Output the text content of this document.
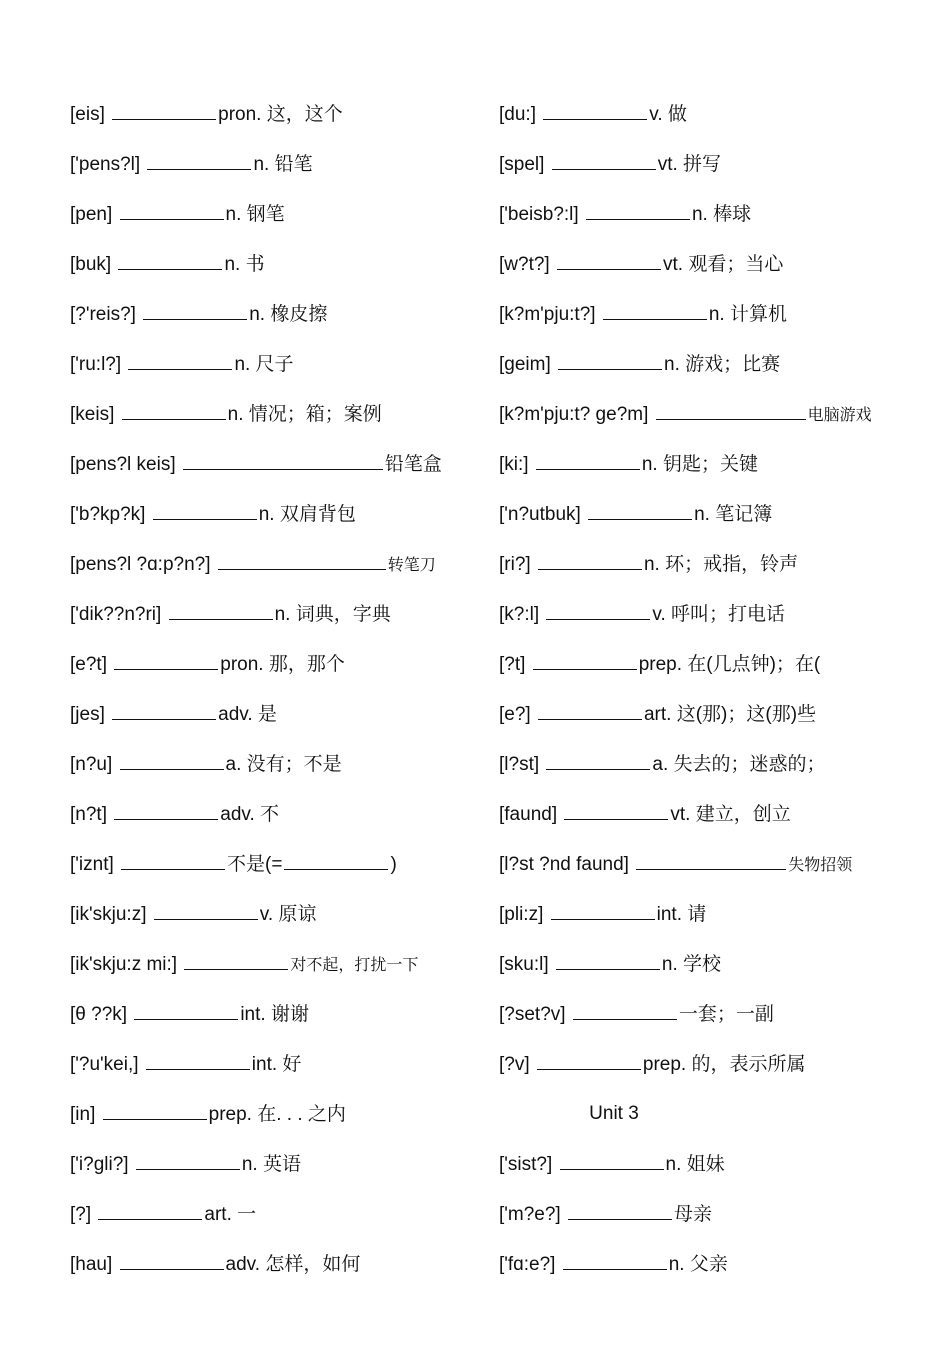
[eis]	pron. 这，这个
['pens?l]	n. 铅笔
[pen]	n. 钢笔
[buk]	n. 书
[?'reis?]	n. 橡皮擦
['ru:l?]	n. 尺子
[keis]	n. 情况；箱；案例
[pens?l keis]	铅笔盒
['b?kp?k]	n. 双肩背包
[pens?l ?ɑ:p?n?]	转笔刀
['dik??n?ri]	n. 词典，字典
[e?t]	pron. 那，那个
[jes]	adv. 是
[n?u]	a. 没有；不是
[n?t]	adv. 不
['iznt]	不是(=	)
[ik'skju:z]	v. 原谅
[ik'skju:z mi:]	对不起，打扰一下
[θ ??k]	int. 谢谢
['?u'kei,]	int. 好
[in]	prep. 在. . . 之内
['i?gli?]	n. 英语
[?]	art. 一
[hau]	adv. 怎样，如何
[du:]	v. 做
[spel]	vt. 拼写
['beisb?:l]	n. 棒球
[w?t?]	vt. 观看；当心
[k?m'pju:t?]	n. 计算机
[geim]	n. 游戏；比赛
[k?m'pju:t? ge?m]	电脑游戏
[ki:]	n. 钥匙；关键
['n?utbuk]	n. 笔记簿
[ri?]	n. 环；戒指，铃声
[k?:l]	v. 呼叫；打电话
[?t]	prep. 在(几点钟)；在(
[e?]	art. 这(那)；这(那)些
[l?st]	a. 失去的；迷惑的；
[faund]	vt. 建立，创立
[l?st ?nd faund]	失物招领
[pli:z]	int. 请
[sku:l]	n. 学校
[?set?v]	一套；一副
[?v]	prep. 的，表示所属
Unit 3
['sist?]	n. 姐妹
['m?e?]	母亲
['fɑ:e?]	n. 父亲
